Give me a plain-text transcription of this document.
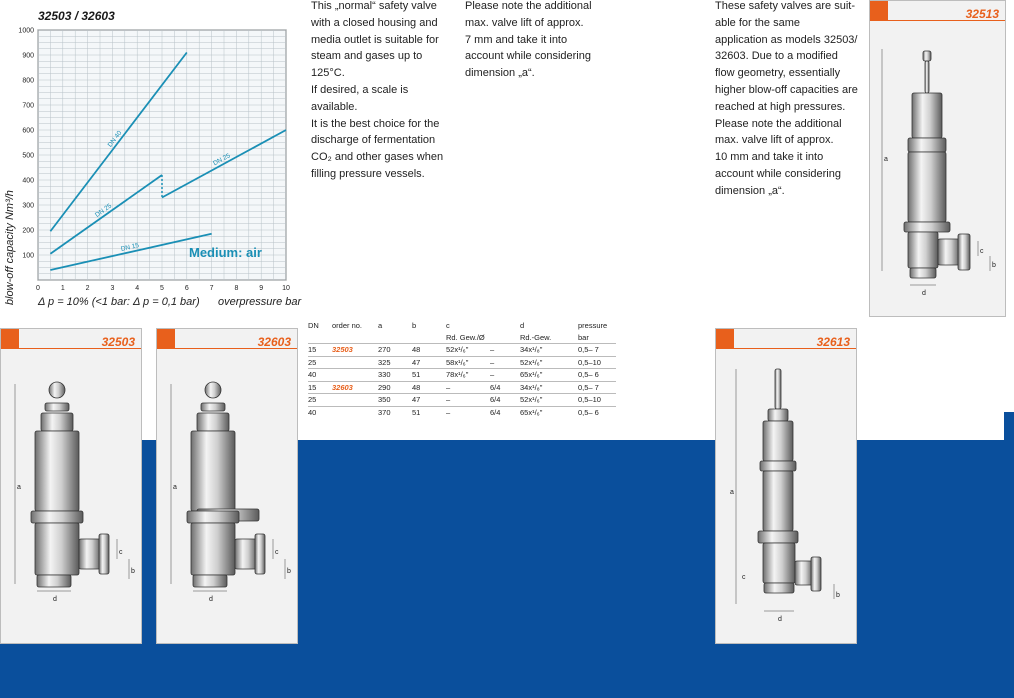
32503 / 32603
0	1	2	3	4	5	6	7	8	9	10
100
200
300
400
500
600
700
800
900
1000
DN 40
DN 25
DN 25
DN 15
blow-off capacity Nm³/h Δ p = 10% (<1 bar: Δ p = 0,1 bar) overpressure bar
Medium: air
This „normal“ safety valve
with a closed housing and
media outlet is suitable for
steam and gases up to
125°C.
If desired, a scale is available.
It is the best choice for the
discharge of fermentation
CO₂ and other gases when
filling pressure vessels.
Please note the additional
max. valve lift of approx.
7 mm and take it into
account while considering
dimension „a“.
These safety valves are suit-
able for the same
application as models 32503/
32603. Due to a modified
flow geometry, essentially
higher blow-off capacities are
reached at high pressures.
Please note the additional
max. valve lift of approx.
10 mm and take it into
account while considering
dimension „a“.
DN	order no.	a	b	c		d	pressure
				Rd. Gew./Ø		Rd.-Gew.	bar
15	32503	270	48	52x¹/₆"	–	34x¹/₈"	0,5– 7
25		325	47	58x¹/₆"	–	52x¹/₆"	0,5–10
40		330	51	78x¹/₆"	–	65x¹/₆"	0,5– 6
15	32603	290	48	–	6/4	34x¹/₈"	0,5– 7
25		350	47	–	6/4	52x¹/₆"	0,5–10
40		370	51	–	6/4	65x¹/₆"	0,5– 6
32513
a
c
b
d
32503
a
c
b
d
32603
a
c
b
d
32613
a
b
d
c
